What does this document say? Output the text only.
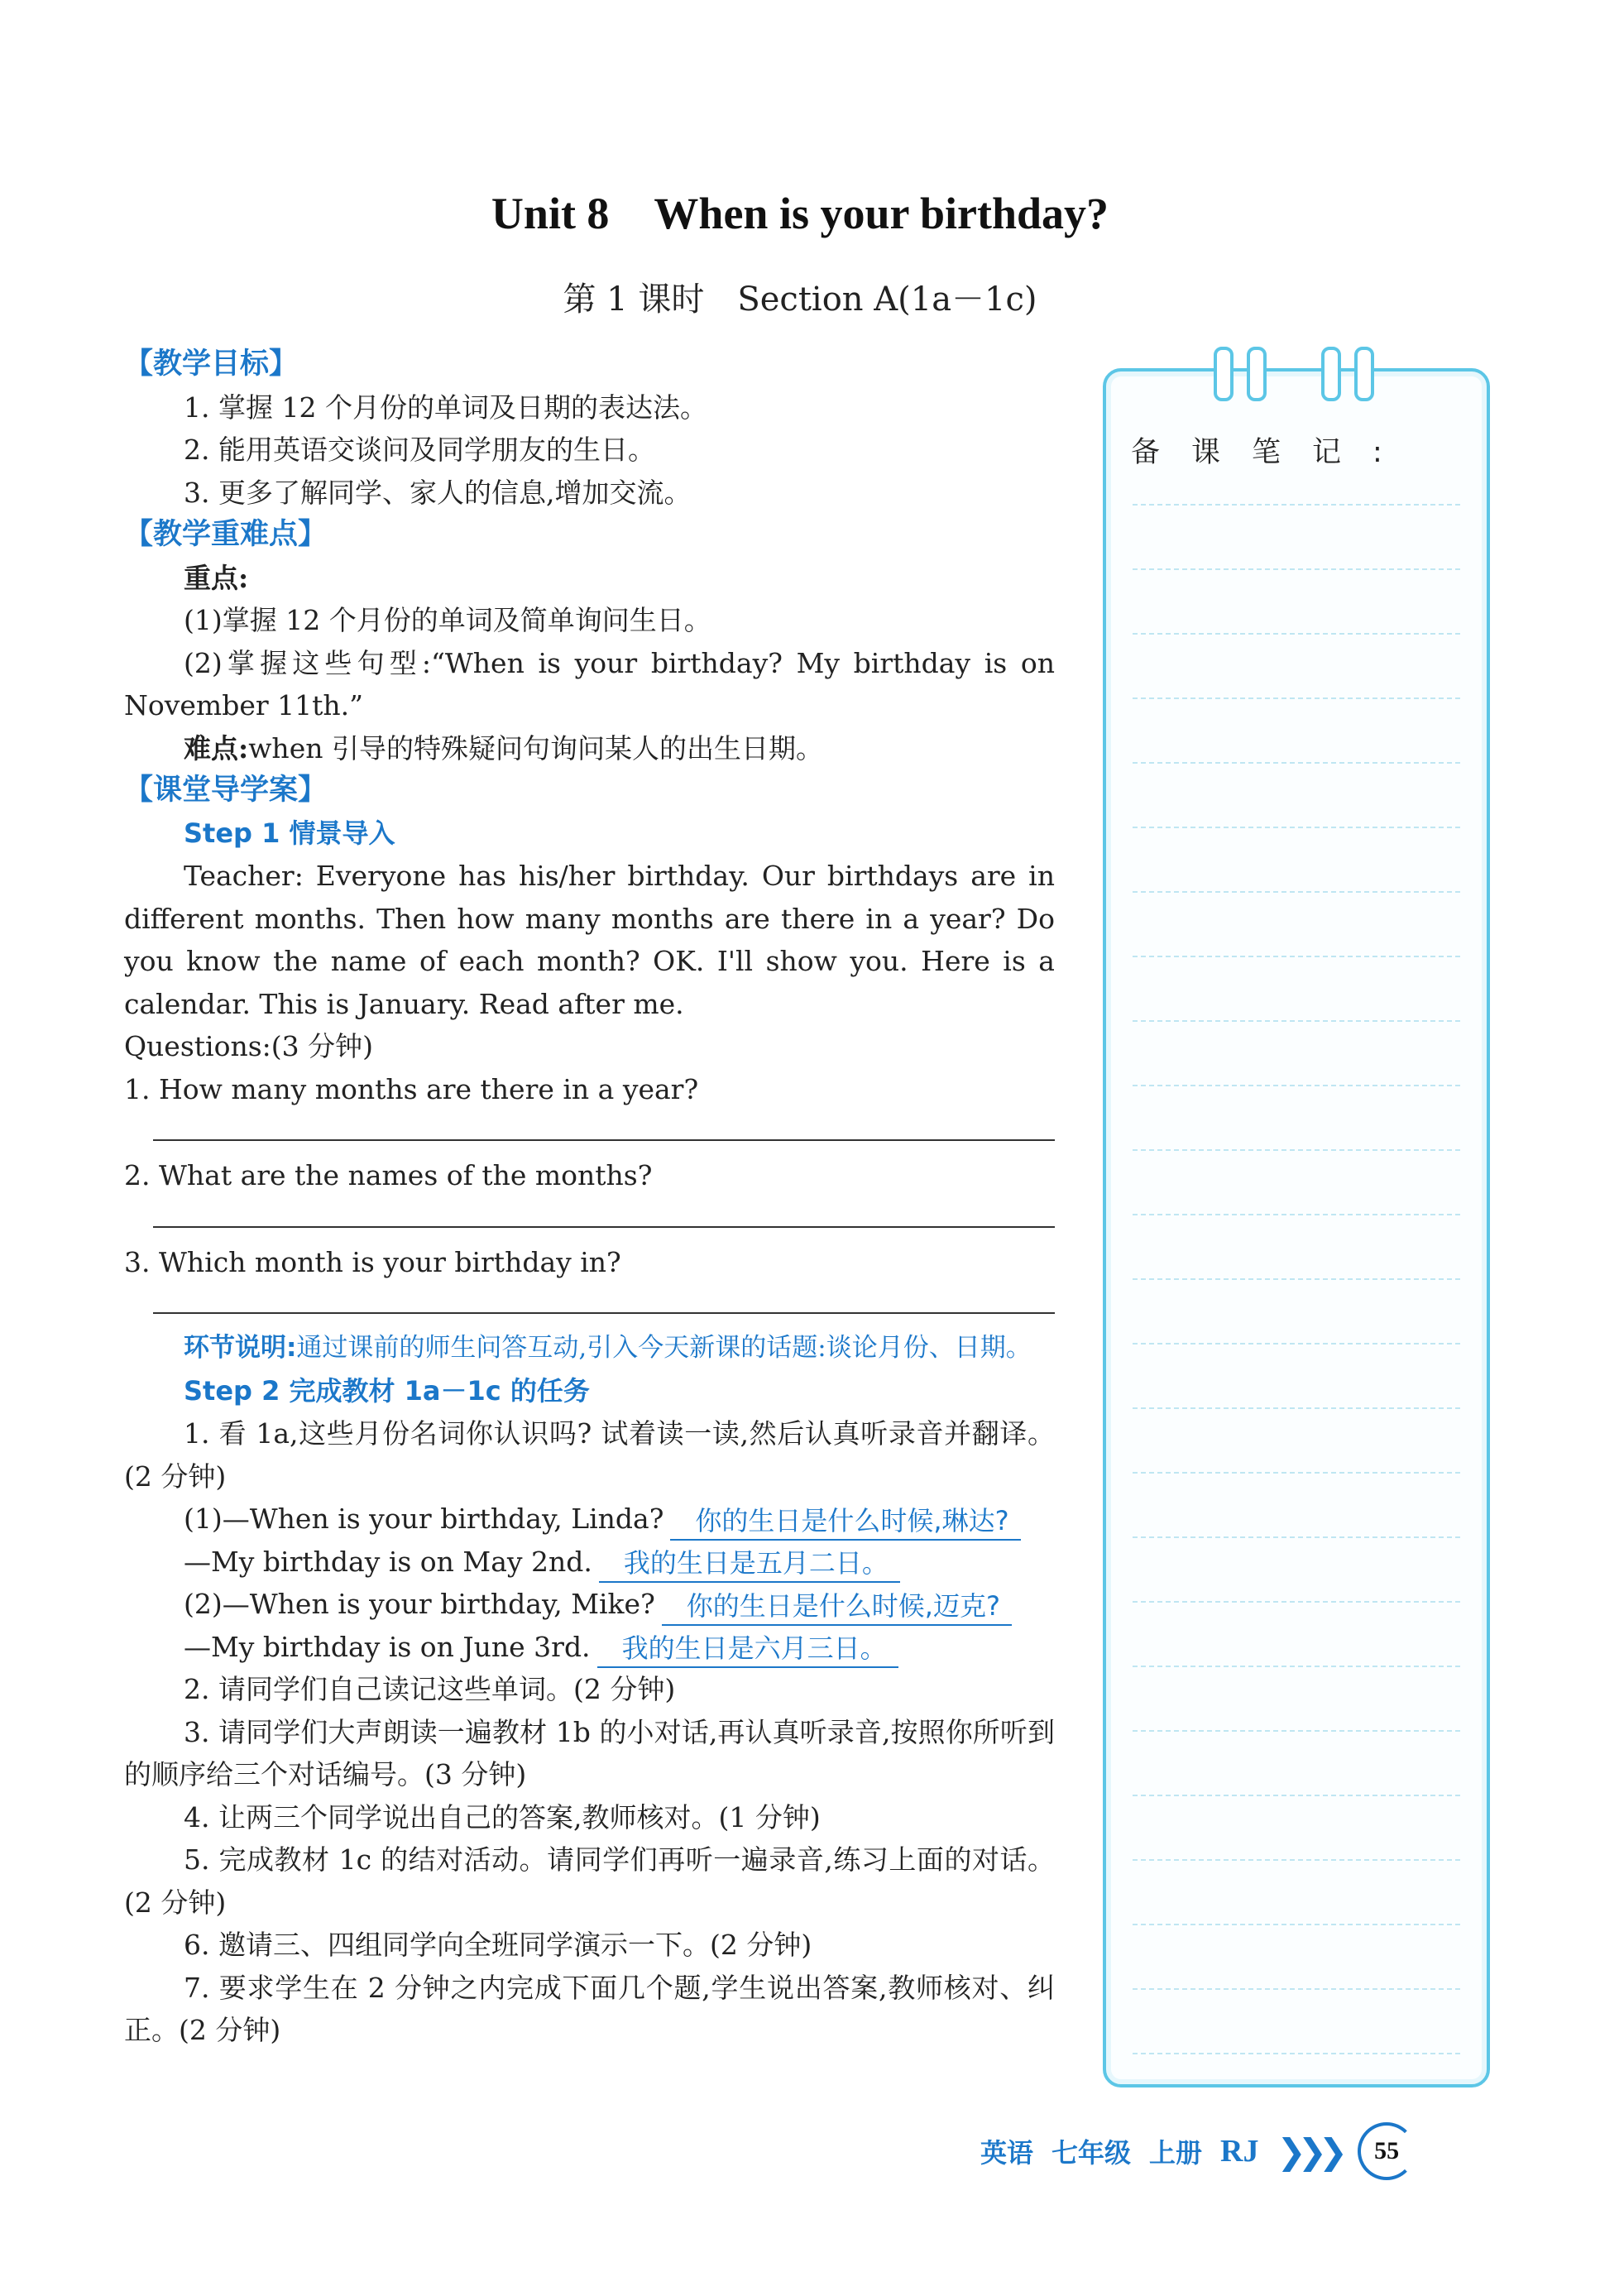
Unit 8　When is your birthday?
第 1 课时　Section A(1a－1c)

【教学目标】

1. 掌握 12 个月份的单词及日期的表达法。

2. 能用英语交谈问及同学朋友的生日。

3. 更多了解同学、家人的信息,增加交流。

【教学重难点】

重点:

(1)掌握 12 个月份的单词及简单询问生日。

(2)掌握这些句型:“When is your birthday? My birthday is on November 11th.”

难点:when 引导的特殊疑问句询问某人的出生日期。

【课堂导学案】

Step 1 情景导入

Teacher: Everyone has his/her birthday. Our birthdays are in different months. Then how many months are there in a year? Do you know the name of each month? OK. I'll show you. Here is a calendar. This is January. Read after me.

Questions:(3 分钟)

1. How many months are there in a year?

2. What are the names of the months?

3. Which month is your birthday in?

环节说明:通过课前的师生问答互动,引入今天新课的话题:谈论月份、日期。

Step 2 完成教材 1a－1c 的任务

1. 看 1a,这些月份名词你认识吗? 试着读一读,然后认真听录音并翻译。(2 分钟)

(1)—When is your birthday, Linda?	你的生日是什么时候,琳达?

—My birthday is on May 2nd.	我的生日是五月二日。

(2)—When is your birthday, Mike?	你的生日是什么时候,迈克?

—My birthday is on June 3rd.	我的生日是六月三日。

2. 请同学们自己读记这些单词。(2 分钟)

3. 请同学们大声朗读一遍教材 1b 的小对话,再认真听录音,按照你所听到的顺序给三个对话编号。(3 分钟)

4. 让两三个同学说出自己的答案,教师核对。(1 分钟)

5. 完成教材 1c 的结对活动。请同学们再听一遍录音,练习上面的对话。(2 分钟)

6. 邀请三、四组同学向全班同学演示一下。(2 分钟)

7. 要求学生在 2 分钟之内完成下面几个题,学生说出答案,教师核对、纠正。(2 分钟)

备课笔记:
英语 七年级 上册 RJ ❯❯❯	55
